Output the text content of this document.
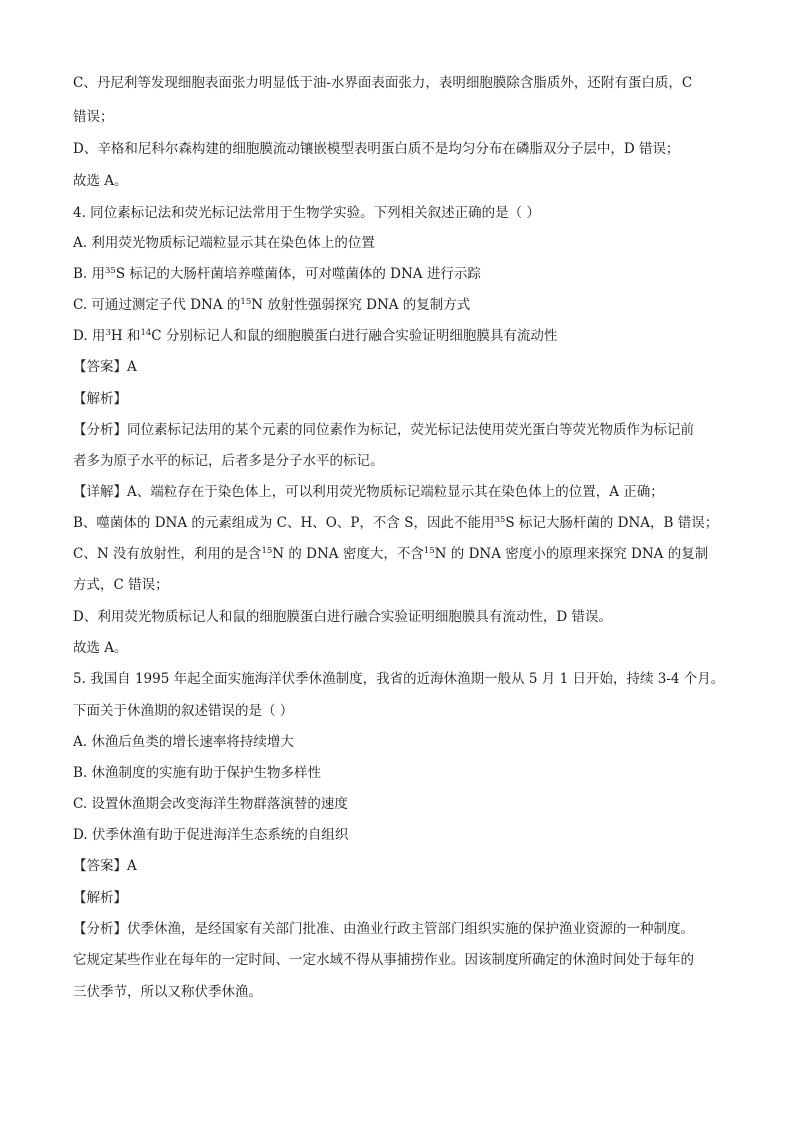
C、丹尼利等发现细胞表面张力明显低于油-水界面表面张力，表明细胞膜除含脂质外，还附有蛋白质，C
错误；
D、辛格和尼科尔森构建的细胞膜流动镶嵌模型表明蛋白质不是均匀分布在磷脂双分子层中，D 错误；
故选 A。
4. 同位素标记法和荧光标记法常用于生物学实验。下列相关叙述正确的是（ ）
A. 利用荧光物质标记端粒显示其在染色体上的位置
B. 用$^{35}$S 标记的大肠杆菌培养噬菌体，可对噬菌体的 DNA 进行示踪
C. 可通过测定子代 DNA 的$^{15}$N 放射性强弱探究 DNA 的复制方式
D. 用$^3$H 和$^{14}$C 分别标记人和鼠的细胞膜蛋白进行融合实验证明细胞膜具有流动性
【答案】A
【解析】
【分析】同位素标记法用的某个元素的同位素作为标记，荧光标记法使用荧光蛋白等荧光物质作为标记前
者多为原子水平的标记，后者多是分子水平的标记。
【详解】A、端粒存在于染色体上，可以利用荧光物质标记端粒显示其在染色体上的位置，A 正确；
B、噬菌体的 DNA 的元素组成为 C、H、O、P，不含 S，因此不能用$^{35}$S 标记大肠杆菌的 DNA，B 错误；
C、N 没有放射性，利用的是含$^{15}$N 的 DNA 密度大，不含$^{15}$N 的 DNA 密度小的原理来探究 DNA 的复制
方式，C 错误；
D、利用荧光物质标记人和鼠的细胞膜蛋白进行融合实验证明细胞膜具有流动性，D 错误。
故选 A。
5. 我国自 1995 年起全面实施海洋伏季休渔制度，我省的近海休渔期一般从 5 月 1 日开始，持续 3-4 个月。
下面关于休渔期的叙述错误的是（ ）
A. 休渔后鱼类的增长速率将持续增大
B. 休渔制度的实施有助于保护生物多样性
C. 设置休渔期会改变海洋生物群落演替的速度
D. 伏季休渔有助于促进海洋生态系统的自组织
【答案】A
【解析】
【分析】伏季休渔，是经国家有关部门批准、由渔业行政主管部门组织实施的保护渔业资源的一种制度。
它规定某些作业在每年的一定时间、一定水域不得从事捕捞作业。因该制度所确定的休渔时间处于每年的
三伏季节，所以又称伏季休渔。
